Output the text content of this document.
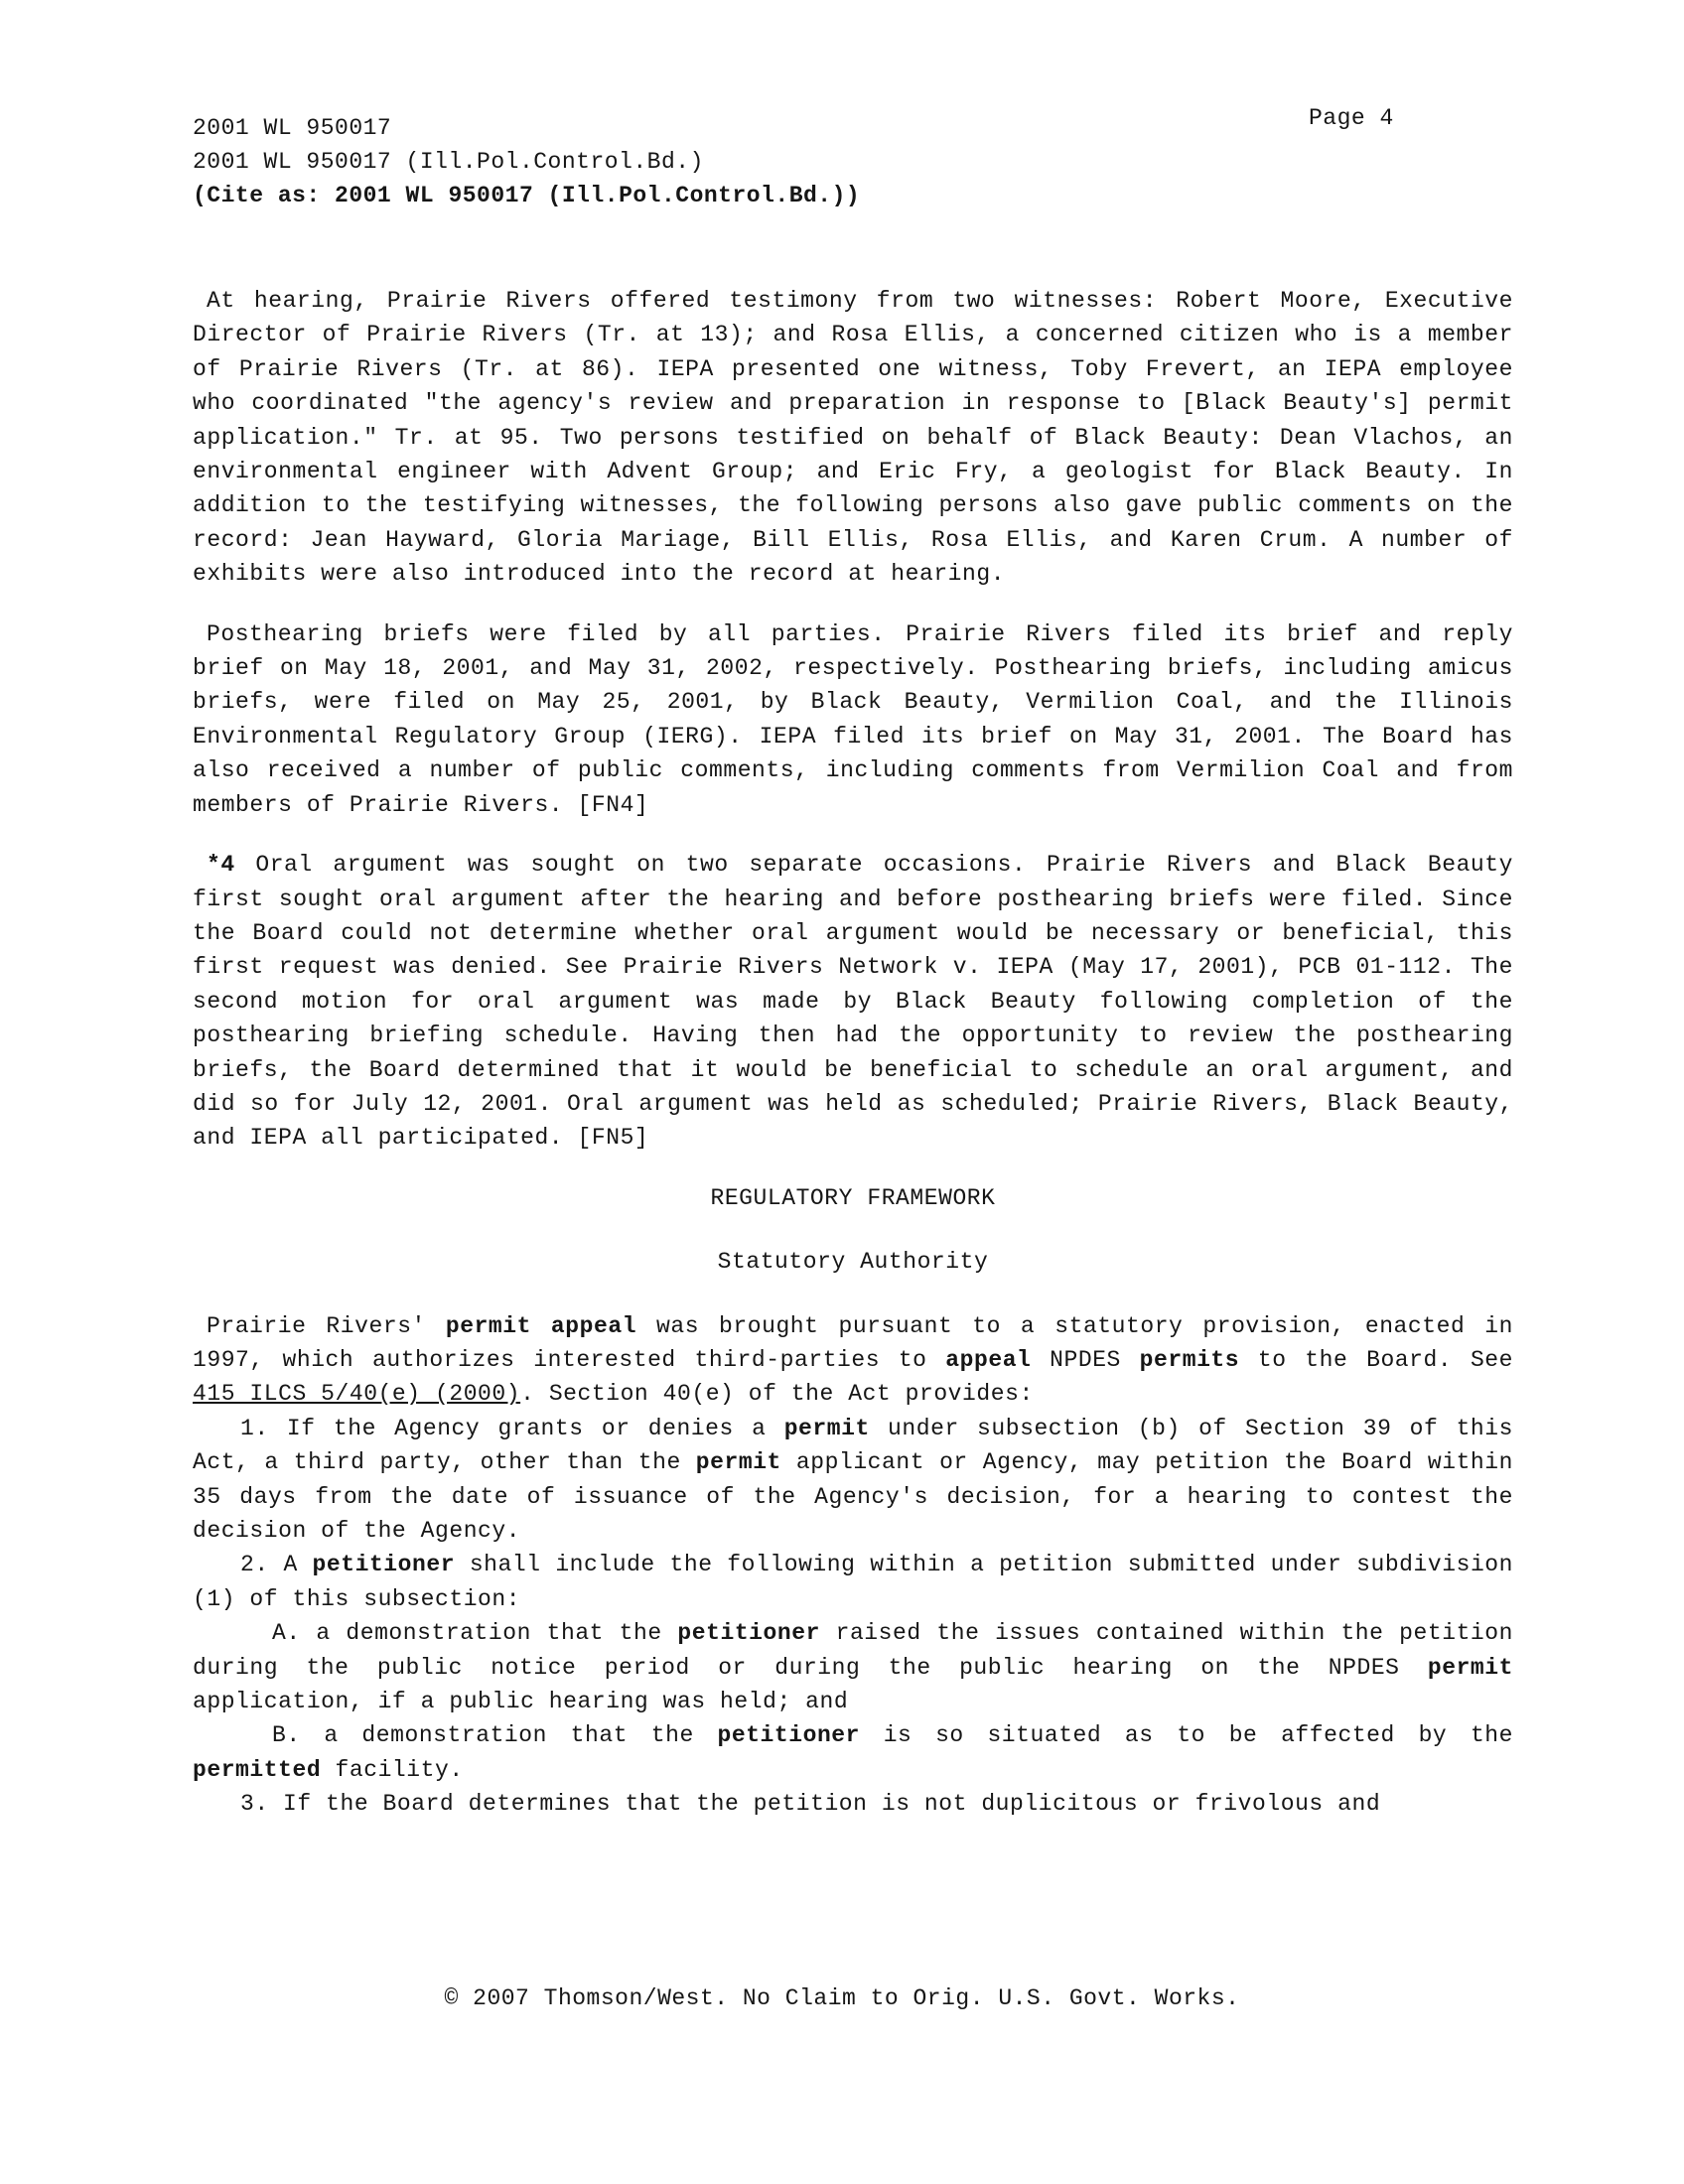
2001 WL 950017
2001 WL 950017 (Ill.Pol.Control.Bd.)
(Cite as: 2001 WL 950017 (Ill.Pol.Control.Bd.))
Page 4

At hearing, Prairie Rivers offered testimony from two witnesses: Robert Moore, Executive Director of Prairie Rivers (Tr. at 13); and Rosa Ellis, a concerned citizen who is a member of Prairie Rivers (Tr. at 86). IEPA presented one witness, Toby Frevert, an IEPA employee who coordinated "the agency's review and preparation in response to [Black Beauty's] permit application." Tr. at 95. Two persons testified on behalf of Black Beauty: Dean Vlachos, an environmental engineer with Advent Group; and Eric Fry, a geologist for Black Beauty. In addition to the testifying witnesses, the following persons also gave public comments on the record: Jean Hayward, Gloria Mariage, Bill Ellis, Rosa Ellis, and Karen Crum. A number of exhibits were also introduced into the record at hearing.

Posthearing briefs were filed by all parties. Prairie Rivers filed its brief and reply brief on May 18, 2001, and May 31, 2002, respectively. Posthearing briefs, including amicus briefs, were filed on May 25, 2001, by Black Beauty, Vermilion Coal, and the Illinois Environmental Regulatory Group (IERG). IEPA filed its brief on May 31, 2001. The Board has also received a number of public comments, including comments from Vermilion Coal and from members of Prairie Rivers. [FN4]

*4 Oral argument was sought on two separate occasions. Prairie Rivers and Black Beauty first sought oral argument after the hearing and before posthearing briefs were filed. Since the Board could not determine whether oral argument would be necessary or beneficial, this first request was denied. See Prairie Rivers Network v. IEPA (May 17, 2001), PCB 01-112. The second motion for oral argument was made by Black Beauty following completion of the posthearing briefing schedule. Having then had the opportunity to review the posthearing briefs, the Board determined that it would be beneficial to schedule an oral argument, and did so for July 12, 2001. Oral argument was held as scheduled; Prairie Rivers, Black Beauty, and IEPA all participated. [FN5]

REGULATORY FRAMEWORK
Statutory Authority

Prairie Rivers' permit appeal was brought pursuant to a statutory provision, enacted in 1997, which authorizes interested third-parties to appeal NPDES permits to the Board. See 415 ILCS 5/40(e) (2000). Section 40(e) of the Act provides:

1. If the Agency grants or denies a permit under subsection (b) of Section 39 of this Act, a third party, other than the permit applicant or Agency, may petition the Board within 35 days from the date of issuance of the Agency's decision, for a hearing to contest the decision of the Agency.

2. A petitioner shall include the following within a petition submitted under subdivision (1) of this subsection:

A. a demonstration that the petitioner raised the issues contained within the petition during the public notice period or during the public hearing on the NPDES permit application, if a public hearing was held; and

B. a demonstration that the petitioner is so situated as to be affected by the permitted facility.

3. If the Board determines that the petition is not duplicitous or frivolous and

© 2007 Thomson/West. No Claim to Orig. U.S. Govt. Works.
